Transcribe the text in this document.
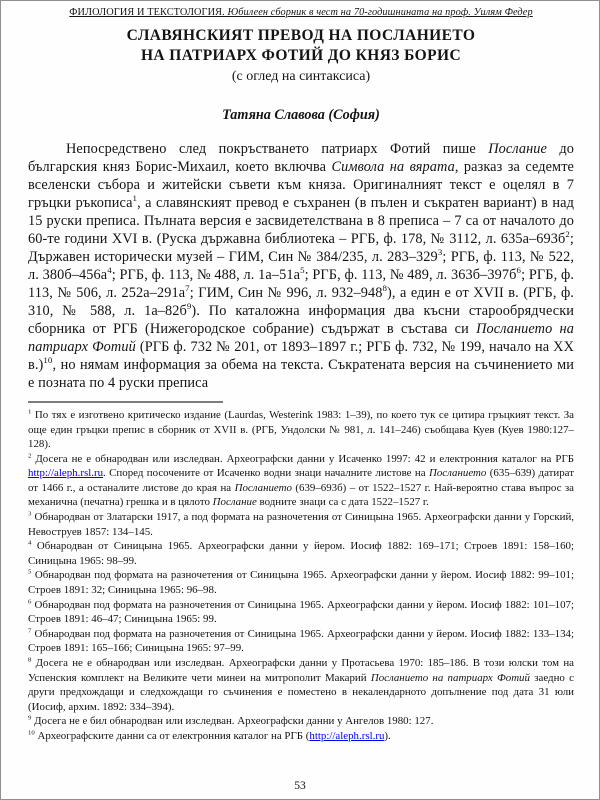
ФИЛОЛОГИЯ И ТЕКСТОЛОГИЯ. Юбилеен сборник в чест на 70-годишнината на проф. Уилям Федер
СЛАВЯНСКИЯТ ПРЕВОД НА ПОСЛАНИЕТО
НА ПАТРИАРХ ФОТИЙ ДО КНЯЗ БОРИС
(с оглед на синтаксиса)
Татяна Славова (София)

Непосредствено след покръстването патриарх Фотий пише Послание до българския княз Борис-Михаил, което включва Символа на вярата, разказ за седемте вселенски събора и житейски съвети към княза. Оригиналният текст е оцелял в 7 гръцки ръкописа$^1$, а славянският превод е съхранен (в пълен и съкратен вариант) в над 15 руски преписа. Пълната версия е засвидетелствана в 8 преписа – 7 са от началото до 60-те години XVI в. (Руска държавна библиотека – РГБ, ф. 178, № 3112, л. $635а-693б^2$; Държавен исторически музей – ГИМ, Син № 384/235, л. $283-329^3$; РГБ, ф. 113, № 522, л. $380б-456а^4$; РГБ, ф. 113, № 488, л. $1а-51а^5$; РГБ, ф. 113, № 489, л. $363б-397б^6$; РГБ, ф. 113, № 506, л. $252а-291а^7$; ГИМ, Син № 996, л. $932-948^8$), а един е от XVII в. (РГБ, ф. 310, № 588, л. $1а-82б^9$). По каталожна информация два късни старообрядчески сборника от РГБ (Нижегородское собрание) съдържат в състава си Посланието на патриарх Фотий (РГБ ф. 732 № 201, от 1893–1897 г.; РГБ ф. 732, № 199, начало на XX в.)$^{10}$, но нямам информация за обема на текста. Съкратената версия на съчинението ми е позната по 4 руски преписа

$^1$ По тях е изготвено критическо издание (Laurdas, Westerink 1983: 1–39), по което тук се цитира гръцкият текст. За още един гръцки препис в сборник от XVII в. (РГБ, Ундолски № 981, л. 141–246) съобщава Куев (Куев 1980:127–128).
$^2$ Досега не е обнародван или изследван. Археографски данни у Исаченко 1997: 42 и електронния каталог на РГБ http://aleph.rsl.ru. Според посочените от Исаченко водни знаци началните листове на Посланието (635–639) датират от 1466 г., а останалите листове до края на Посланието (639–693б) – от 1522–1527 г. Най-вероятно става въпрос за механична (печатна) грешка и в цялото Послание водните знаци са с дата 1522–1527 г.
$^3$ Обнародван от Златарски 1917, а под формата на разночетения от Синицына 1965. Археографски данни у Горский, Невоструев 1857: 134–145.
$^4$ Обнародван от Синицына 1965. Археографски данни у йером. Иосиф 1882: 169–171; Строев 1891: 158–160; Синицына 1965: 98–99.
$^5$ Обнародван под формата на разночетения от Синицына 1965. Археографски данни у йером. Иосиф 1882: 99–101; Строев 1891: 32; Синицына 1965: 96–98.
$^6$ Обнародван под формата на разночетения от Синицына 1965. Археографски данни у йером. Иосиф 1882: 101–107; Строев 1891: 46–47; Синицына 1965: 99.
$^7$ Обнародван под формата на разночетения от Синицына 1965. Археографски данни у йером. Иосиф 1882: 133–134; Строев 1891: 165–166; Синицына 1965: 97–99.
$^8$ Досега не е обнародван или изследван. Археографски данни у Протасьева 1970: 185–186. В този юлски том на Успенския комплект на Великите чети минеи на митрополит Макарий Посланието на патриарх Фотий заедно с други предхождащи и следхождащи го съчинения е поместено в некалендарното допълнение под дата 31 юли (Иосиф, архим. 1892: 334–394).
$^9$ Досега не е бил обнародван или изследван. Археографски данни у Ангелов 1980: 127.
$^{10}$ Археографските данни са от електронния каталог на РГБ (http://aleph.rsl.ru).
53
